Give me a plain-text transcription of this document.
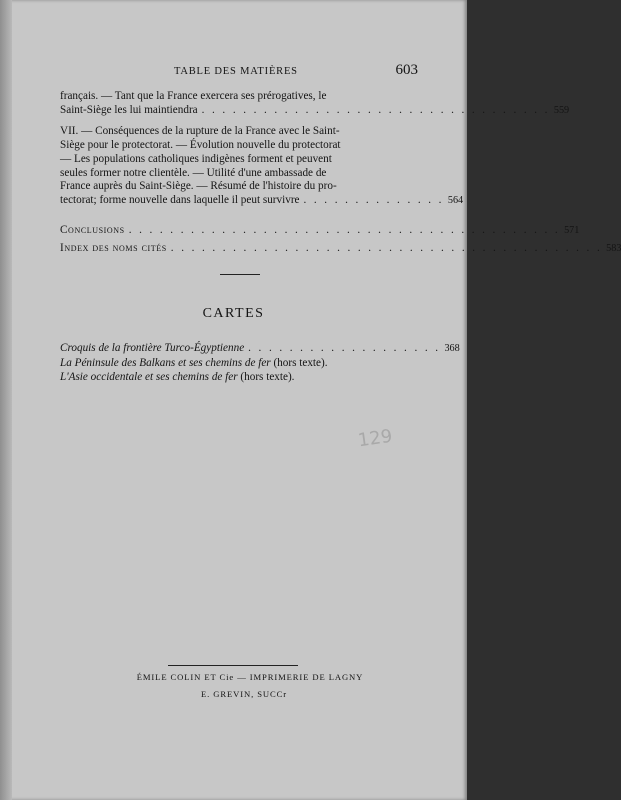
TABLE DES MATIÈRES	603

français. — Tant que la France exercera ses prérogatives, le

Saint-Siège les lui maintiendra . . . . . . . . . . . . . . . . . . . . . . . . . . . . . . . . . . 559

VII. — Conséquences de la rupture de la France avec le Saint-

Siège pour le protectorat. — Évolution nouvelle du protectorat

— Les populations catholiques indigènes forment et peuvent

seules former notre clientèle. — Utilité d'une ambassade de

France auprès du Saint-Siège. — Résumé de l'histoire du pro-

tectorat; forme nouvelle dans laquelle il peut survivre . . . . . . . . . . . . . . 564
Conclusions . . . . . . . . . . . . . . . . . . . . . . . . . . . . . . . . . . . . . . . . . . 571
Index des noms cités . . . . . . . . . . . . . . . . . . . . . . . . . . . . . . . . . . . . . . . . . . 583
CARTES
Croquis de la frontière Turco-Égyptienne . . . . . . . . . . . . . . . . . . . 368
La Péninsule des Balkans et ses chemins de fer (hors texte).
L'Asie occidentale et ses chemins de fer (hors texte).
129
ÉMILE COLIN ET Cie — IMPRIMERIE DE LAGNY
E. GREVIN, SUCCr
